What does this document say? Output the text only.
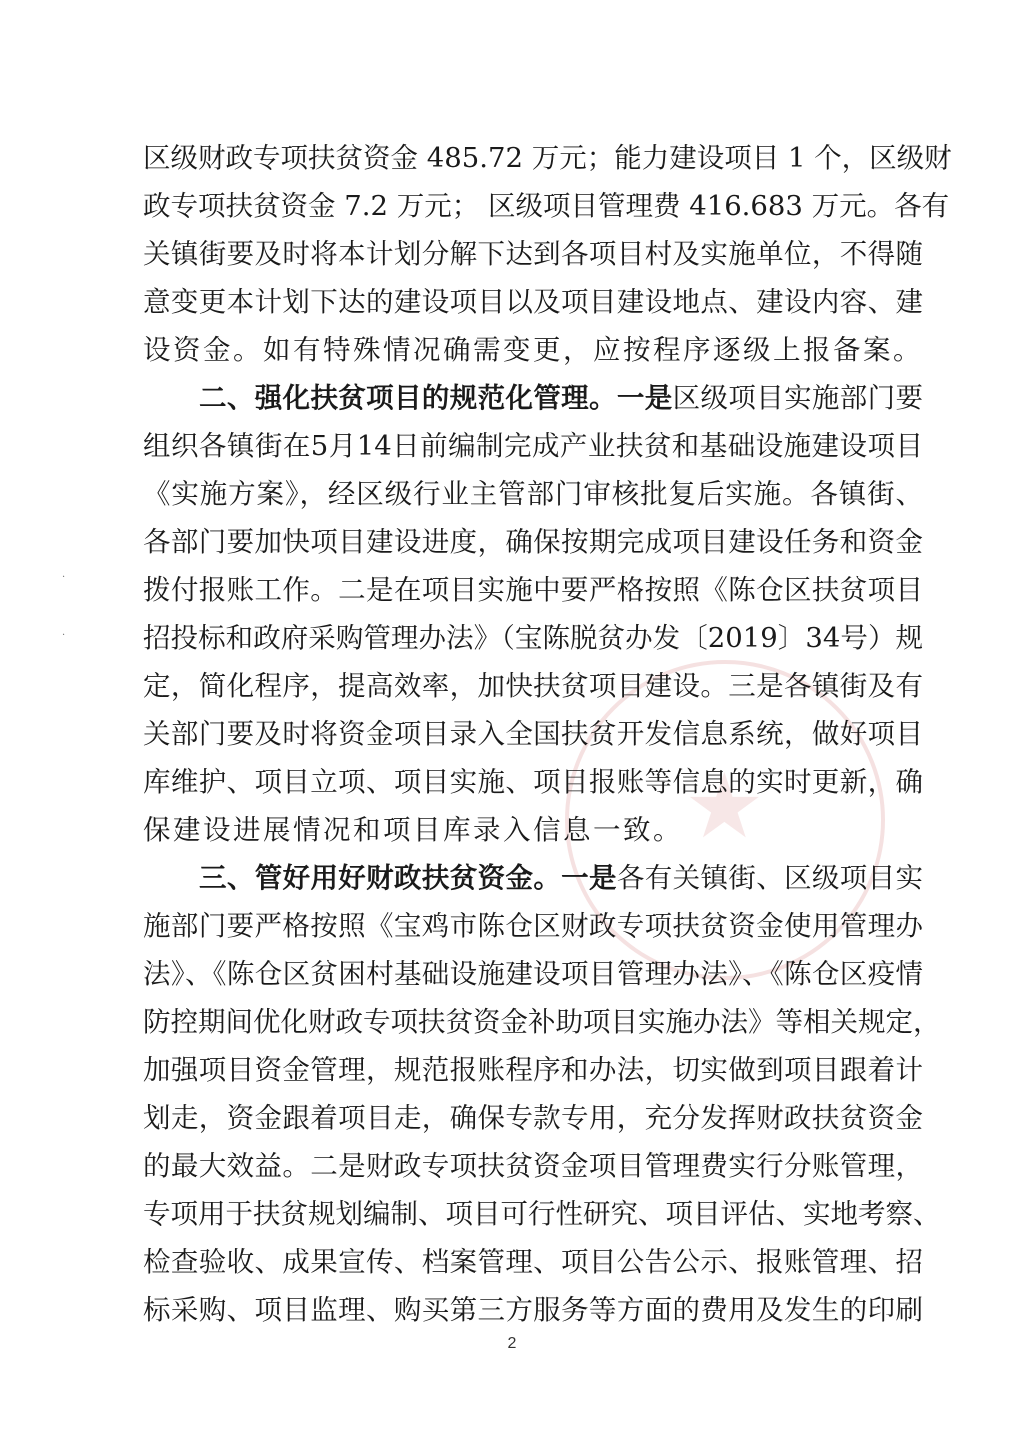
★
·
·
区级财政专项扶贫资金 485.72 万元；能力建设项目 1 个，区级财
政专项扶贫资金 7.2 万元； 区级项目管理费 416.683 万元。各有
关镇街要及时将本计划分解下达到各项目村及实施单位，不得随
意变更本计划下达的建设项目以及项目建设地点、建设内容、建
设资金。如有特殊情况确需变更，应按程序逐级上报备案。
二、强化扶贫项目的规范化管理。一是区级项目实施部门要
组织各镇街在5月14日前编制完成产业扶贫和基础设施建设项目
《实施方案》，经区级行业主管部门审核批复后实施。各镇街、
各部门要加快项目建设进度，确保按期完成项目建设任务和资金
拨付报账工作。二是在项目实施中要严格按照《陈仓区扶贫项目
招投标和政府采购管理办法》（宝陈脱贫办发〔2019〕34号）规
定，简化程序，提高效率，加快扶贫项目建设。三是各镇街及有
关部门要及时将资金项目录入全国扶贫开发信息系统，做好项目
库维护、项目立项、项目实施、项目报账等信息的实时更新，确
保建设进展情况和项目库录入信息一致。
三、管好用好财政扶贫资金。一是各有关镇街、区级项目实
施部门要严格按照《宝鸡市陈仓区财政专项扶贫资金使用管理办
法》、《陈仓区贫困村基础设施建设项目管理办法》、《陈仓区疫情
防控期间优化财政专项扶贫资金补助项目实施办法》等相关规定，
加强项目资金管理，规范报账程序和办法，切实做到项目跟着计
划走，资金跟着项目走，确保专款专用，充分发挥财政扶贫资金
的最大效益。二是财政专项扶贫资金项目管理费实行分账管理，
专项用于扶贫规划编制、项目可行性研究、项目评估、实地考察、
检查验收、成果宣传、档案管理、项目公告公示、报账管理、招
标采购、项目监理、购买第三方服务等方面的费用及发生的印刷
2
